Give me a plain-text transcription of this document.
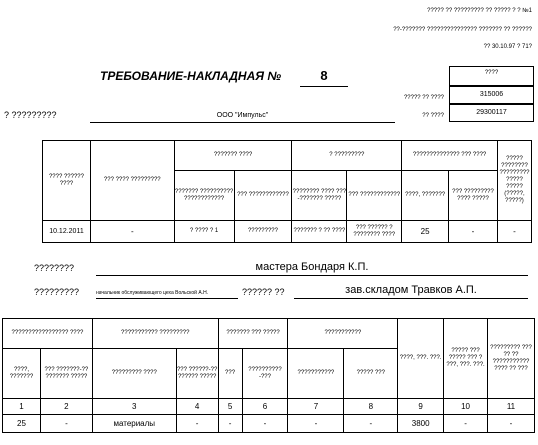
????? ?? ????????? ?? ????? ? ? №1
??-??????? ??????????????? ??????? ?? ??????
?? 30.10.97 ? 71?
ТРЕБОВАНИЕ-НАКЛАДНАЯ №	8	????
????? ?? ????	315006
?? ????	29300117
? ?????????	ООО "Импульс"
???? ?????? ????	??? ???? ?????????	??????? ????		? ?????????		?????????????? ??? ????		????? ???????? ????????? ????? ????? (?????, ?????)
		??????? ?????????? ????????????	??? ????????????	???????? ???? ???-??????? ?????	??? ????????????	????, ???????	??? ????????? ???? ?????	
10.12.2011	-	? ???? ? 1	?????????	??????? ? ?? ????	??? ?????? ? ???????? ????	25	-	-
????????	мастера Бондаря К.П.
?????????	начальник обслуживающего цеха Вольской А.Н.	?????? ??	зав.складом Травков А.П.
????????????????? ????		??????????? ?????????		??????? ??? ?????		???????????		????, ???. ???.	????? ??? ????? ??? ? ???, ???. ???.	????????? ??? ?? ?? ??????????? ???? ?? ???
????, ???????	??? ???????-?? ??????? ?????	????????? ????	??? ??????-?? ?????? ?????	???	??????????-???	???????????	????? ???			
1	2	3	4	5	6	7	8	9	10	11
25	-	материалы	-	-	-	-	-	3800	-	-
